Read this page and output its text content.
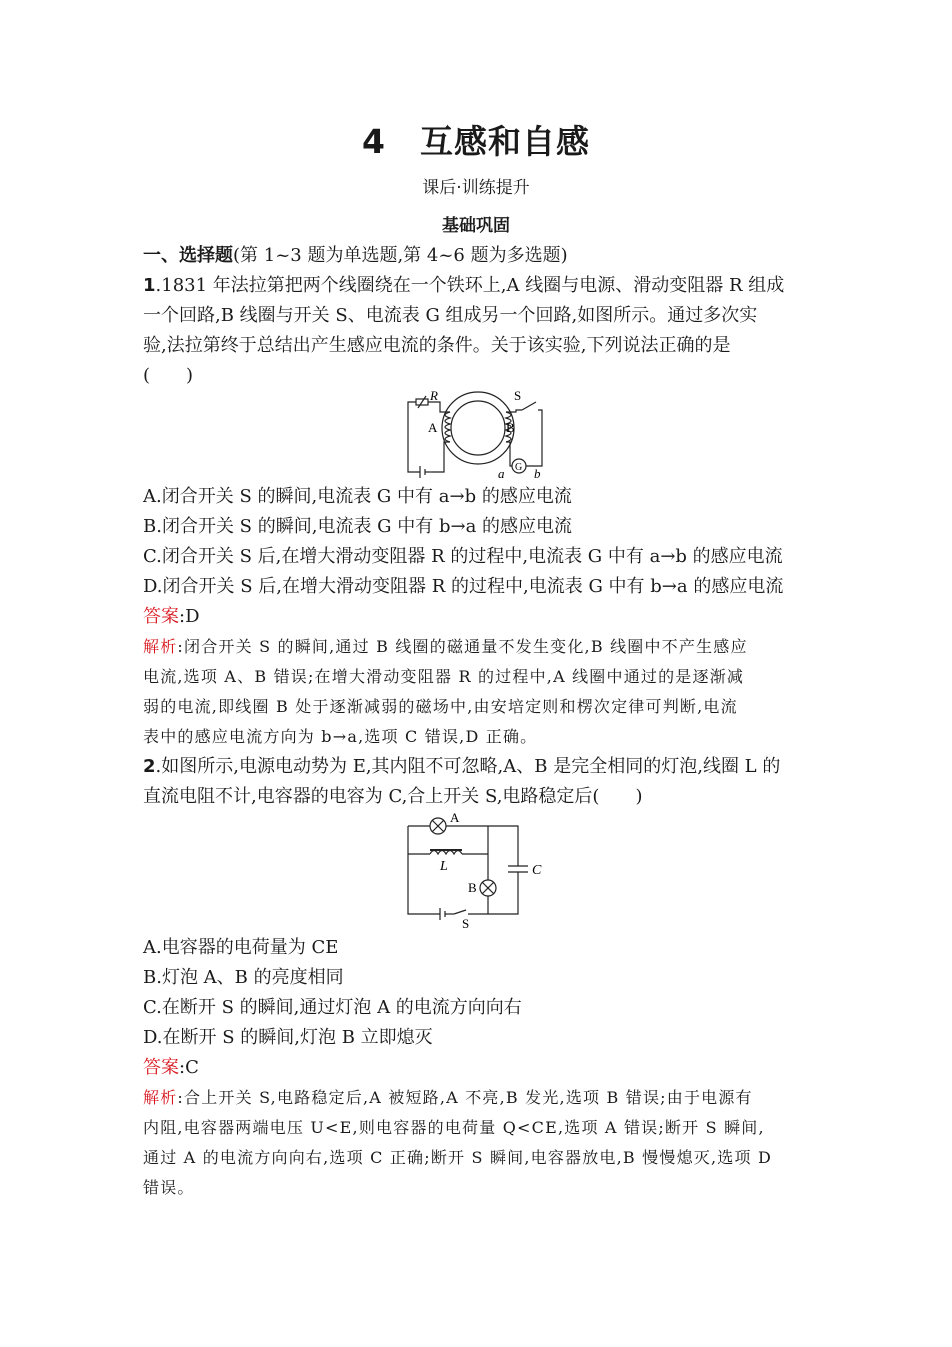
4　互感和自感
课后·训练提升
基础巩固
一、选择题(第 1~3 题为单选题,第 4~6 题为多选题)
1.1831 年法拉第把两个线圈绕在一个铁环上,A 线圈与电源、滑动变阻器 R 组成
一个回路,B 线圈与开关 S、电流表 G 组成另一个回路,如图所示。通过多次实
验,法拉第终于总结出产生感应电流的条件。关于该实验,下列说法正确的是
(　　)
R	S
A	B
G
a b
A.闭合开关 S 的瞬间,电流表 G 中有 a→b 的感应电流
B.闭合开关 S 的瞬间,电流表 G 中有 b→a 的感应电流
C.闭合开关 S 后,在增大滑动变阻器 R 的过程中,电流表 G 中有 a→b 的感应电流
D.闭合开关 S 后,在增大滑动变阻器 R 的过程中,电流表 G 中有 b→a 的感应电流
答案:D
解析:闭合开关 S 的瞬间,通过 B 线圈的磁通量不发生变化,B 线圈中不产生感应
电流,选项 A、B 错误;在增大滑动变阻器 R 的过程中,A 线圈中通过的是逐渐减
弱的电流,即线圈 B 处于逐渐减弱的磁场中,由安培定则和楞次定律可判断,电流
表中的感应电流方向为 b→a,选项 C 错误,D 正确。
2.如图所示,电源电动势为 E,其内阻不可忽略,A、B 是完全相同的灯泡,线圈 L 的
直流电阻不计,电容器的电容为 C,合上开关 S,电路稳定后(　　)
A
L
B
C
S
A.电容器的电荷量为 CE
B.灯泡 A、B 的亮度相同
C.在断开 S 的瞬间,通过灯泡 A 的电流方向向右
D.在断开 S 的瞬间,灯泡 B 立即熄灭
答案:C
解析:合上开关 S,电路稳定后,A 被短路,A 不亮,B 发光,选项 B 错误;由于电源有
内阻,电容器两端电压 U<E,则电容器的电荷量 Q<CE,选项 A 错误;断开 S 瞬间,
通过 A 的电流方向向右,选项 C 正确;断开 S 瞬间,电容器放电,B 慢慢熄灭,选项 D
错误。
